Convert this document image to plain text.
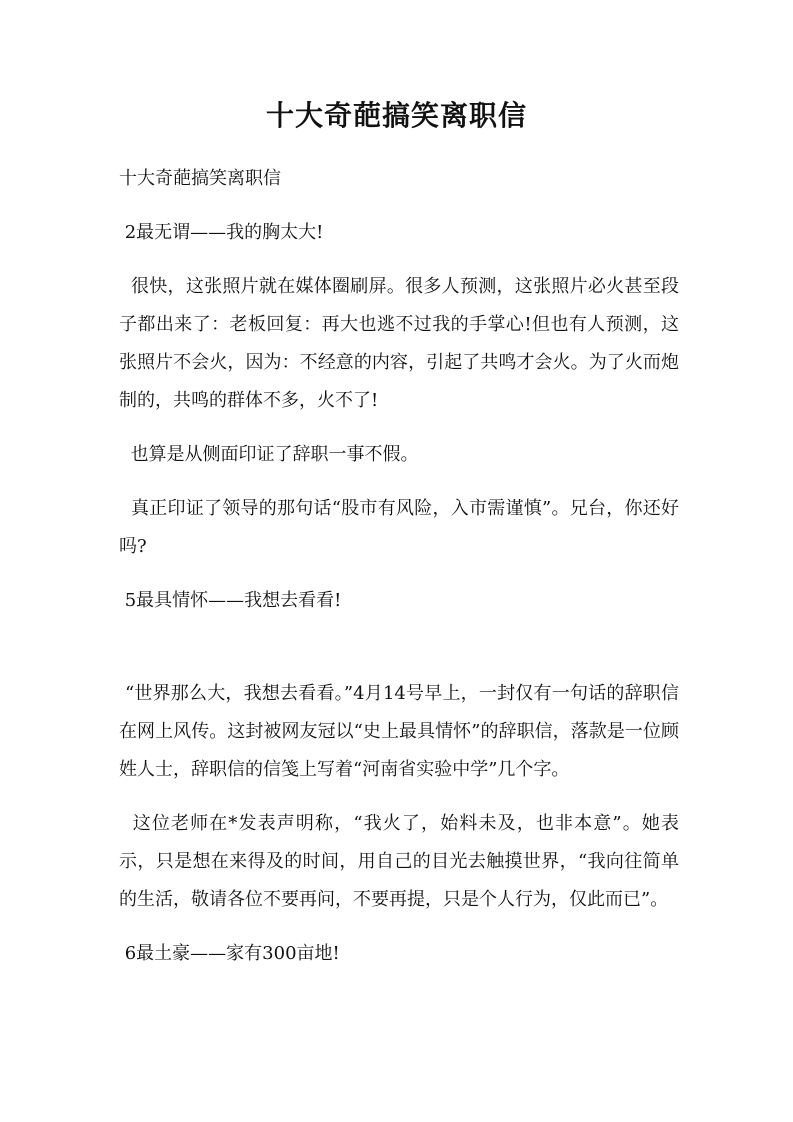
十大奇葩搞笑离职信

十大奇葩搞笑离职信

2最无谓——我的胸太大!

很快，这张照片就在媒体圈刷屏。很多人预测，这张照片必火甚至段子都出来了：老板回复：再大也逃不过我的手掌心!但也有人预测，这张照片不会火，因为：不经意的内容，引起了共鸣才会火。为了火而炮制的，共鸣的群体不多，火不了!

也算是从侧面印证了辞职一事不假。

真正印证了领导的那句话“股市有风险，入市需谨慎”。兄台，你还好吗?

5最具情怀——我想去看看!

“世界那么大，我想去看看。”4月14号早上，一封仅有一句话的辞职信在网上风传。这封被网友冠以“史上最具情怀”的辞职信，落款是一位顾姓人士，辞职信的信笺上写着“河南省实验中学”几个字。

这位老师在*发表声明称，“我火了，始料未及，也非本意”。她表示，只是想在来得及的时间，用自己的目光去触摸世界，“我向往简单的生活，敬请各位不要再问，不要再提，只是个人行为，仅此而已”。

6最土豪——家有300亩地!
